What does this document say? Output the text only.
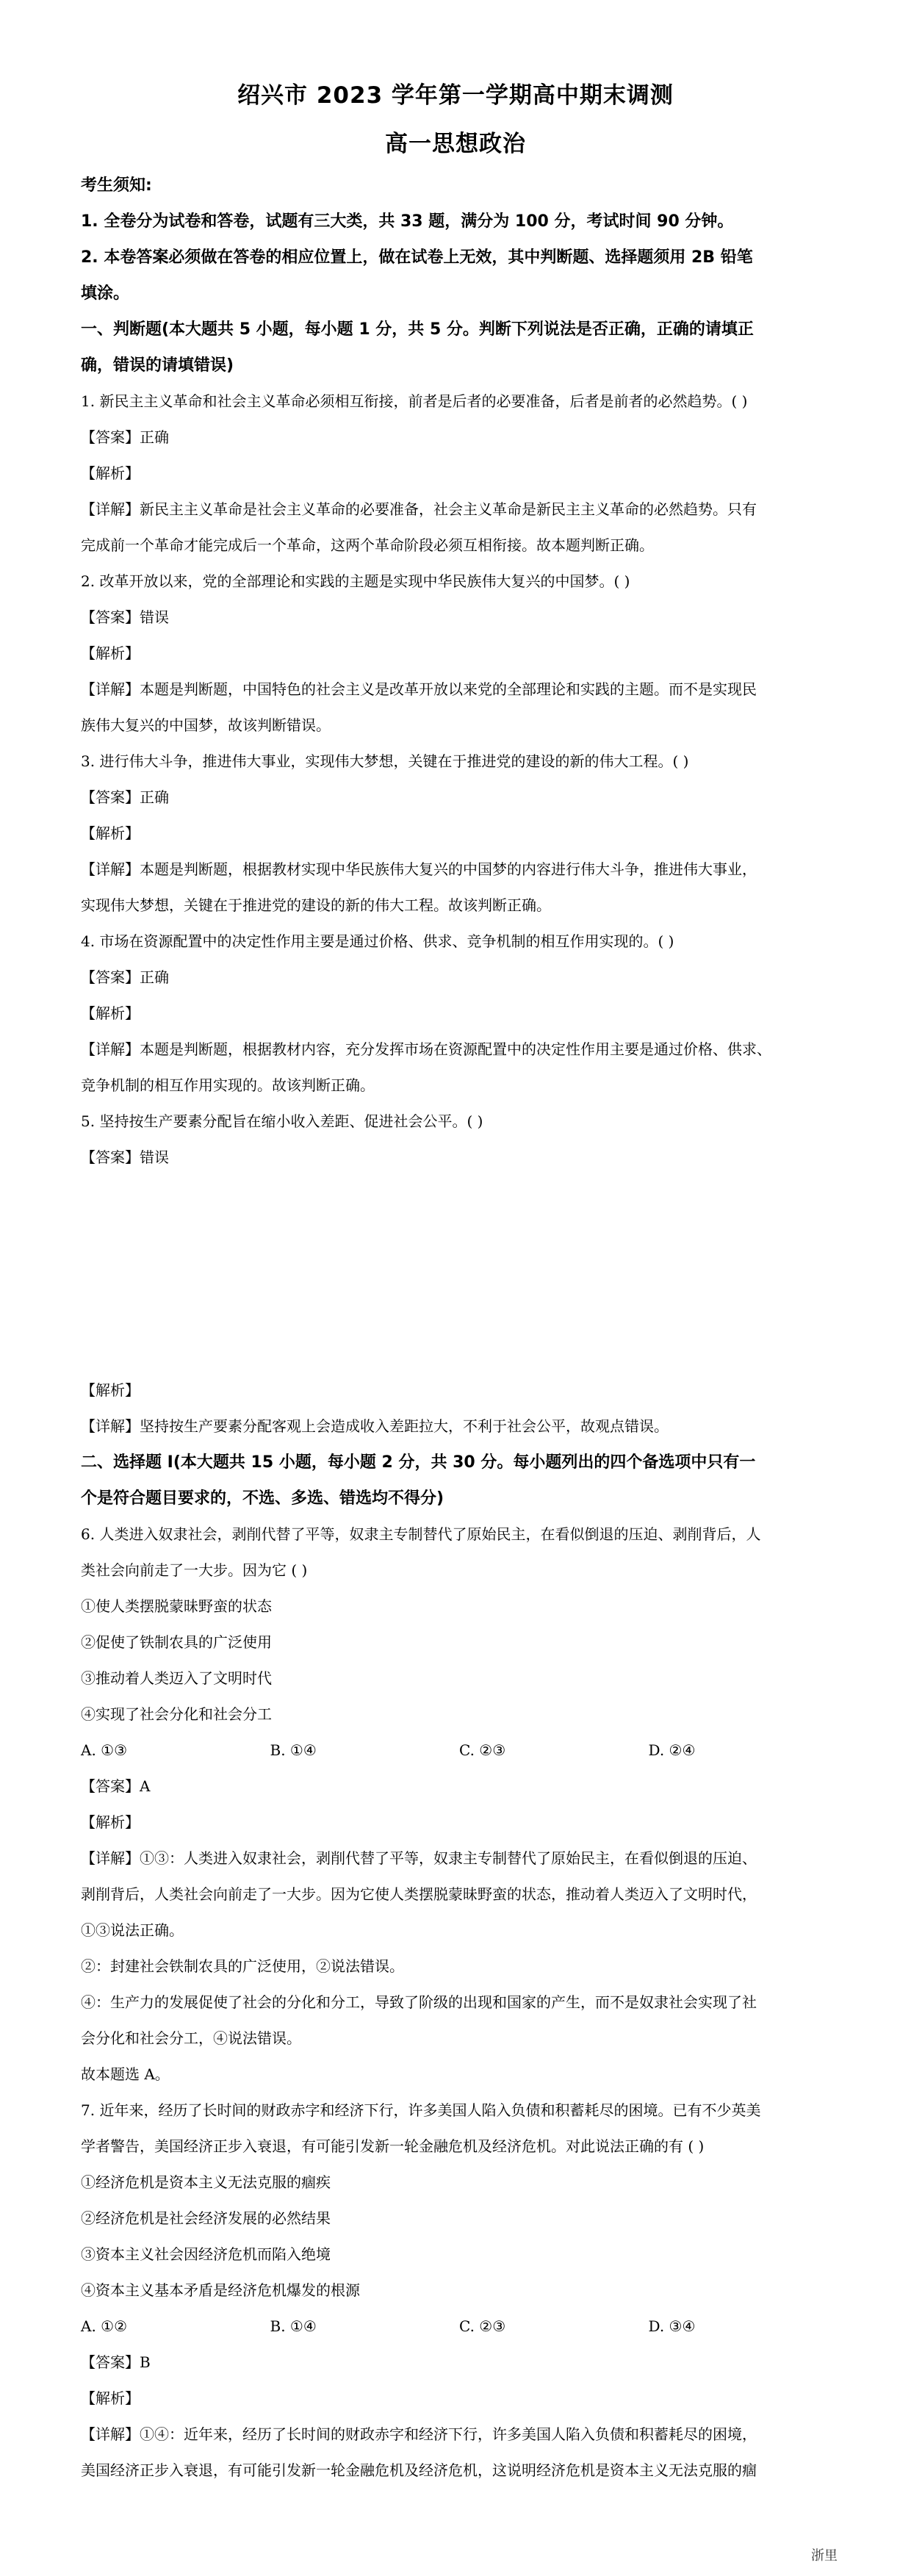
绍兴市 2023 学年第一学期高中期末调测
高一思想政治
考生须知:
1. 全卷分为试卷和答卷，试题有三大类，共 33 题，满分为 100 分，考试时间 90 分钟。
2. 本卷答案必须做在答卷的相应位置上，做在试卷上无效，其中判断题、选择题须用 2B 铅笔
填涂。
一、判断题(本大题共 5 小题，每小题 1 分，共 5 分。判断下列说法是否正确，正确的请填正
确，错误的请填错误)
1. 新民主主义革命和社会主义革命必须相互衔接，前者是后者的必要准备，后者是前者的必然趋势。( )
【答案】正确
【解析】
【详解】新民主主义革命是社会主义革命的必要准备，社会主义革命是新民主主义革命的必然趋势。只有
完成前一个革命才能完成后一个革命，这两个革命阶段必须互相衔接。故本题判断正确。
2. 改革开放以来，党的全部理论和实践的主题是实现中华民族伟大复兴的中国梦。( )
【答案】错误
【解析】
【详解】本题是判断题，中国特色的社会主义是改革开放以来党的全部理论和实践的主题。而不是实现民
族伟大复兴的中国梦，故该判断错误。
3. 进行伟大斗争，推进伟大事业，实现伟大梦想，关键在于推进党的建设的新的伟大工程。( )
【答案】正确
【解析】
【详解】本题是判断题，根据教材实现中华民族伟大复兴的中国梦的内容进行伟大斗争，推进伟大事业，
实现伟大梦想，关键在于推进党的建设的新的伟大工程。故该判断正确。
4. 市场在资源配置中的决定性作用主要是通过价格、供求、竞争机制的相互作用实现的。( )
【答案】正确
【解析】
【详解】本题是判断题，根据教材内容，充分发挥市场在资源配置中的决定性作用主要是通过价格、供求、
竞争机制的相互作用实现的。故该判断正确。
5. 坚持按生产要素分配旨在缩小收入差距、促进社会公平。( )
【答案】错误
【解析】
【详解】坚持按生产要素分配客观上会造成收入差距拉大，不利于社会公平，故观点错误。
二、选择题 I(本大题共 15 小题，每小题 2 分，共 30 分。每小题列出的四个备选项中只有一
个是符合题目要求的，不选、多选、错选均不得分)
6. 人类进入奴隶社会，剥削代替了平等，奴隶主专制替代了原始民主，在看似倒退的压迫、剥削背后，人
类社会向前走了一大步。因为它 ( )
①使人类摆脱蒙昧野蛮的状态
②促使了铁制农具的广泛使用
③推动着人类迈入了文明时代
④实现了社会分化和社会分工
A. ①③	B. ①④	C. ②③	D. ②④
【答案】A
【解析】
【详解】①③：人类进入奴隶社会，剥削代替了平等，奴隶主专制替代了原始民主，在看似倒退的压迫、
剥削背后，人类社会向前走了一大步。因为它使人类摆脱蒙昧野蛮的状态，推动着人类迈入了文明时代，
①③说法正确。
②：封建社会铁制农具的广泛使用，②说法错误。
④：生产力的发展促使了社会的分化和分工，导致了阶级的出现和国家的产生，而不是奴隶社会实现了社
会分化和社会分工，④说法错误。
故本题选 A。
7. 近年来，经历了长时间的财政赤字和经济下行，许多美国人陷入负债和积蓄耗尽的困境。已有不少英美
学者警告，美国经济正步入衰退，有可能引发新一轮金融危机及经济危机。对此说法正确的有 ( )
①经济危机是资本主义无法克服的痼疾
②经济危机是社会经济发展的必然结果
③资本主义社会因经济危机而陷入绝境
④资本主义基本矛盾是经济危机爆发的根源
A. ①②	B. ①④	C. ②③	D. ③④
【答案】B
【解析】
【详解】①④：近年来，经历了长时间的财政赤字和经济下行，许多美国人陷入负债和积蓄耗尽的困境，
美国经济正步入衰退，有可能引发新一轮金融危机及经济危机，这说明经济危机是资本主义无法克服的痼
浙里
